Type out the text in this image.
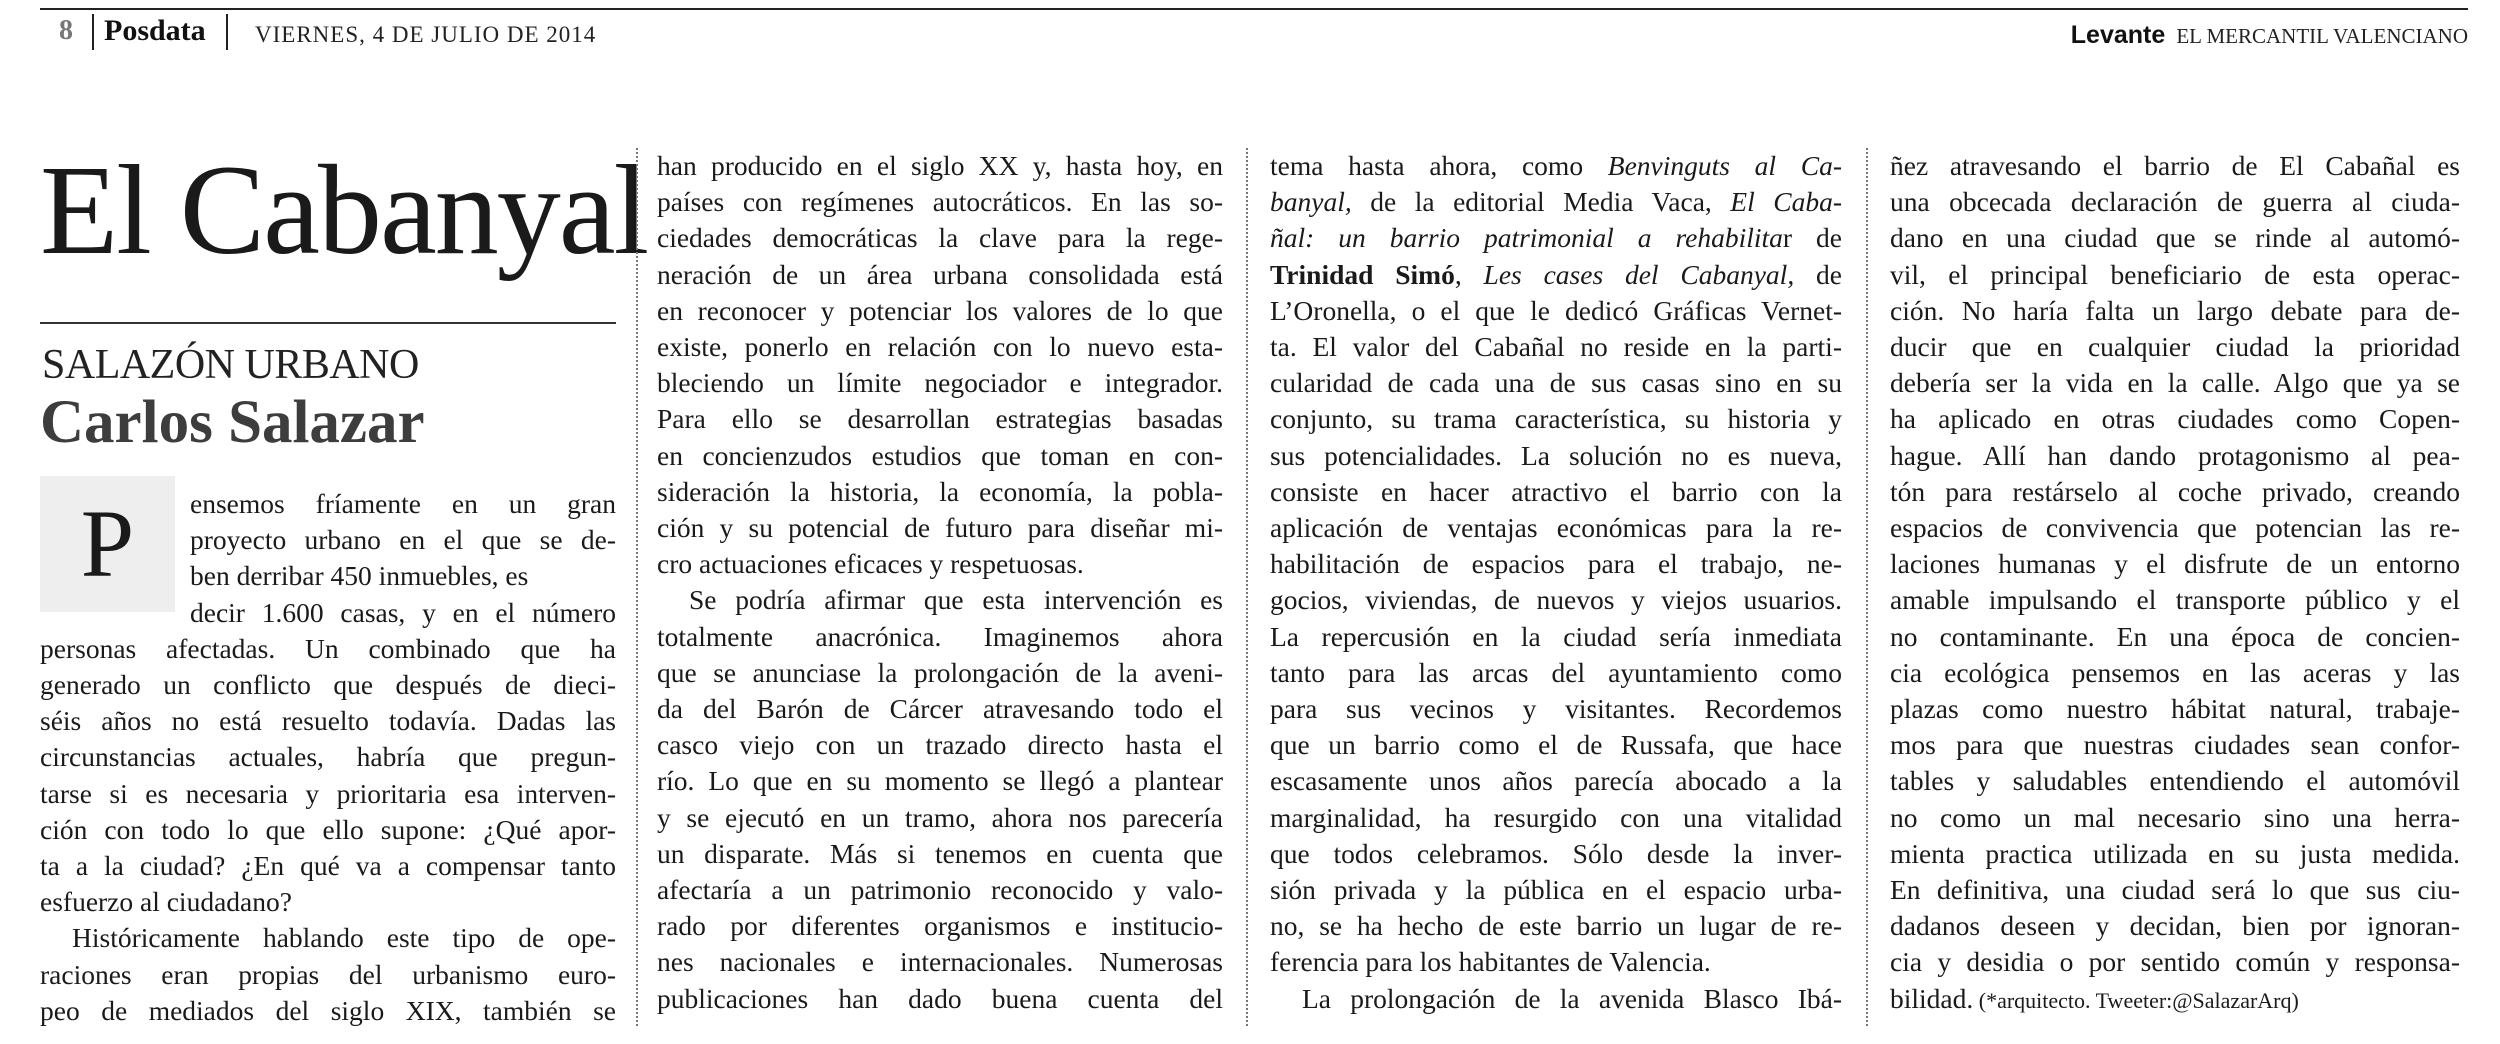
8	Posdata	VIERNES, 4 DE JULIO DE 2014	Levante EL MERCANTIL VALENCIANO
El Cabanyal
SALAZÓN URBANO
Carlos Salazar
P	ensemos fríamente en un gran
proyecto urbano en el que se de-
ben derribar 450 inmuebles, es
decir 1.600 casas, y en el número
personas afectadas. Un combinado que ha
generado un conflicto que después de dieci-
séis años no está resuelto todavía. Dadas las
circunstancias actuales, habría que pregun-
tarse si es necesaria y prioritaria esa interven-
ción con todo lo que ello supone: ¿Qué apor-
ta a la ciudad? ¿En qué va a compensar tanto
esfuerzo al ciudadano?
Históricamente hablando este tipo de ope-
raciones eran propias del urbanismo euro-
peo de mediados del siglo XIX, también se
han producido en el siglo XX y, hasta hoy, en
países con regímenes autocráticos. En las so-
ciedades democráticas la clave para la rege-
neración de un área urbana consolidada está
en reconocer y potenciar los valores de lo que
existe, ponerlo en relación con lo nuevo esta-
bleciendo un límite negociador e integrador.
Para ello se desarrollan estrategias basadas
en concienzudos estudios que toman en con-
sideración la historia, la economía, la pobla-
ción y su potencial de futuro para diseñar mi-
cro actuaciones eficaces y respetuosas.
Se podría afirmar que esta intervención es
totalmente anacrónica. Imaginemos ahora
que se anunciase la prolongación de la aveni-
da del Barón de Cárcer atravesando todo el
casco viejo con un trazado directo hasta el
río. Lo que en su momento se llegó a plantear
y se ejecutó en un tramo, ahora nos parecería
un disparate. Más si tenemos en cuenta que
afectaría a un patrimonio reconocido y valo-
rado por diferentes organismos e institucio-
nes nacionales e internacionales. Numerosas
publicaciones han dado buena cuenta del
tema hasta ahora, como Benvinguts al Ca-
banyal, de la editorial Media Vaca, El Caba-
ñal: un barrio patrimonial a rehabilitar de
Trinidad Simó, Les cases del Cabanyal, de
L’Oronella, o el que le dedicó Gráficas Vernet-
ta. El valor del Cabañal no reside en la parti-
cularidad de cada una de sus casas sino en su
conjunto, su trama característica, su historia y
sus potencialidades. La solución no es nueva,
consiste en hacer atractivo el barrio con la
aplicación de ventajas económicas para la re-
habilitación de espacios para el trabajo, ne-
gocios, viviendas, de nuevos y viejos usuarios.
La repercusión en la ciudad sería inmediata
tanto para las arcas del ayuntamiento como
para sus vecinos y visitantes. Recordemos
que un barrio como el de Russafa, que hace
escasamente unos años parecía abocado a la
marginalidad, ha resurgido con una vitalidad
que todos celebramos. Sólo desde la inver-
sión privada y la pública en el espacio urba-
no, se ha hecho de este barrio un lugar de re-
ferencia para los habitantes de Valencia.
La prolongación de la avenida Blasco Ibá-
ñez atravesando el barrio de El Cabañal es
una obcecada declaración de guerra al ciuda-
dano en una ciudad que se rinde al automó-
vil, el principal beneficiario de esta operac-
ción. No haría falta un largo debate para de-
ducir que en cualquier ciudad la prioridad
debería ser la vida en la calle. Algo que ya se
ha aplicado en otras ciudades como Copen-
hague. Allí han dando protagonismo al pea-
tón para restárselo al coche privado, creando
espacios de convivencia que potencian las re-
laciones humanas y el disfrute de un entorno
amable impulsando el transporte público y el
no contaminante. En una época de concien-
cia ecológica pensemos en las aceras y las
plazas como nuestro hábitat natural, trabaje-
mos para que nuestras ciudades sean confor-
tables y saludables entendiendo el automóvil
no como un mal necesario sino una herra-
mienta practica utilizada en su justa medida.
En definitiva, una ciudad será lo que sus ciu-
dadanos deseen y decidan, bien por ignoran-
cia y desidia o por sentido común y responsa-
bilidad. (*arquitecto. Tweeter:@SalazarArq)
